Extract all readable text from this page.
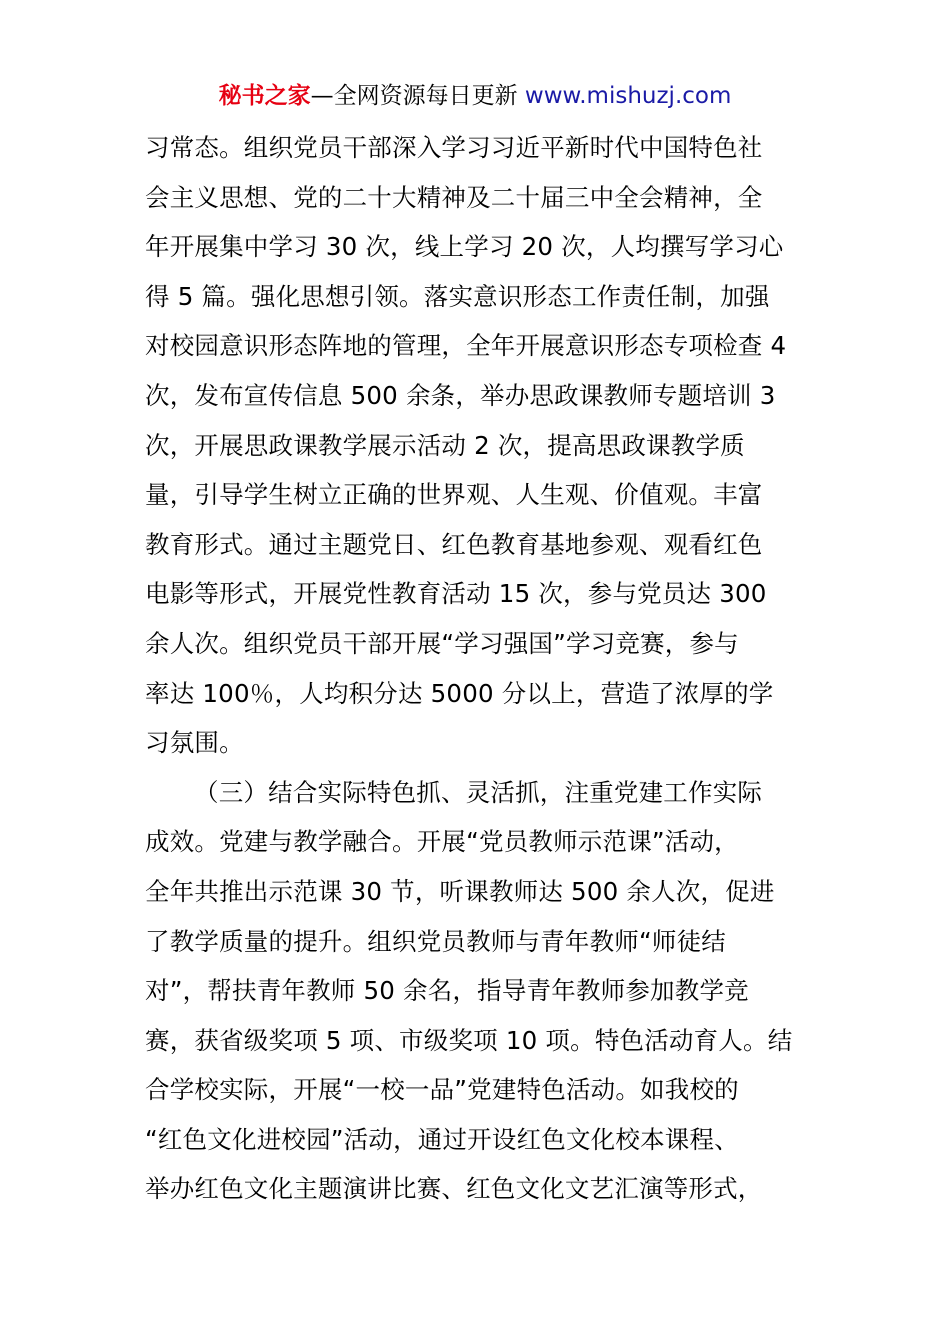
秘书之家—全网资源每日更新 www.mishuzj.com
习常态。组织党员干部深入学习习近平新时代中国特色社
会主义思想、党的二十大精神及二十届三中全会精神，全
年开展集中学习 30 次，线上学习 20 次，人均撰写学习心
得 5 篇。强化思想引领。落实意识形态工作责任制，加强
对校园意识形态阵地的管理，全年开展意识形态专项检查 4
次，发布宣传信息 500 余条，举办思政课教师专题培训 3
次，开展思政课教学展示活动 2 次，提高思政课教学质
量，引导学生树立正确的世界观、人生观、价值观。丰富
教育形式。通过主题党日、红色教育基地参观、观看红色
电影等形式，开展党性教育活动 15 次，参与党员达 300
余人次。组织党员干部开展“学习强国”学习竞赛，参与
率达 100％，人均积分达 5000 分以上，营造了浓厚的学
习氛围。
（三）结合实际特色抓、灵活抓，注重党建工作实际
成效。党建与教学融合。开展“党员教师示范课”活动，
全年共推出示范课 30 节，听课教师达 500 余人次，促进
了教学质量的提升。组织党员教师与青年教师“师徒结
对”，帮扶青年教师 50 余名，指导青年教师参加教学竞
赛，获省级奖项 5 项、市级奖项 10 项。特色活动育人。结
合学校实际，开展“一校一品”党建特色活动。如我校的
“红色文化进校园”活动，通过开设红色文化校本课程、
举办红色文化主题演讲比赛、红色文化文艺汇演等形式，
